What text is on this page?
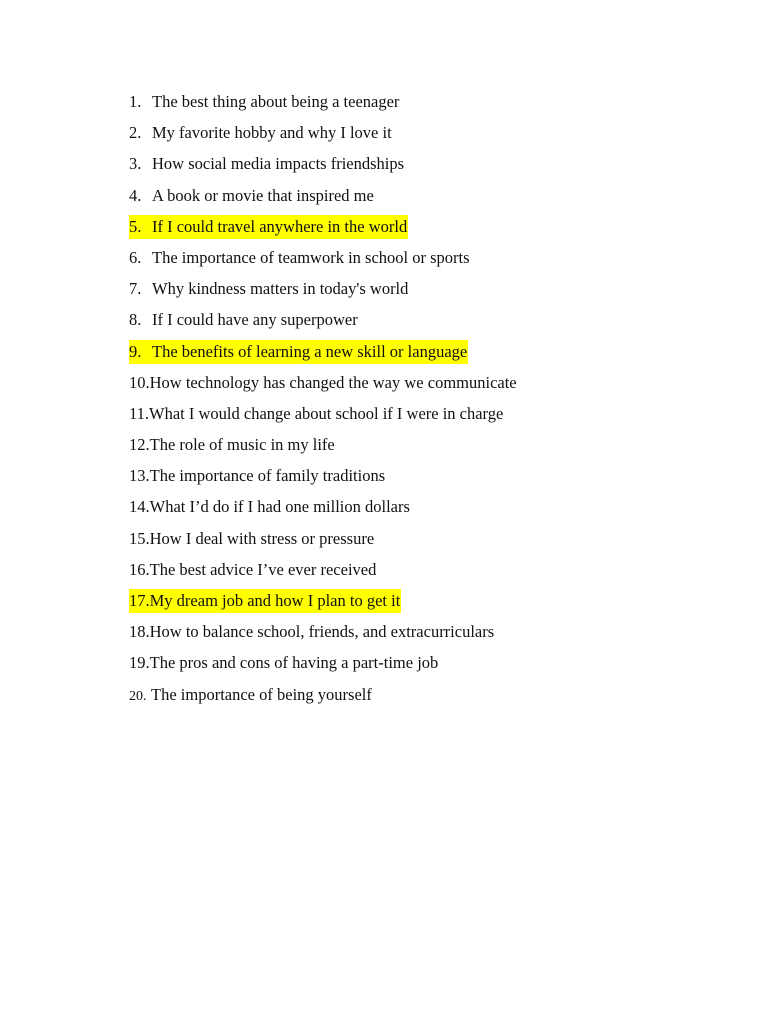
1. The best thing about being a teenager
2. My favorite hobby and why I love it
3. How social media impacts friendships
4. A book or movie that inspired me
5. If I could travel anywhere in the world
6. The importance of teamwork in school or sports
7. Why kindness matters in today's world
8. If I could have any superpower
9. The benefits of learning a new skill or language
10.How technology has changed the way we communicate
11.What I would change about school if I were in charge
12.The role of music in my life
13.The importance of family traditions
14.What I’d do if I had one million dollars
15.How I deal with stress or pressure
16.The best advice I’ve ever received
17.My dream job and how I plan to get it
18.How to balance school, friends, and extracurriculars
19.The pros and cons of having a part-time job
20. The importance of being yourself
